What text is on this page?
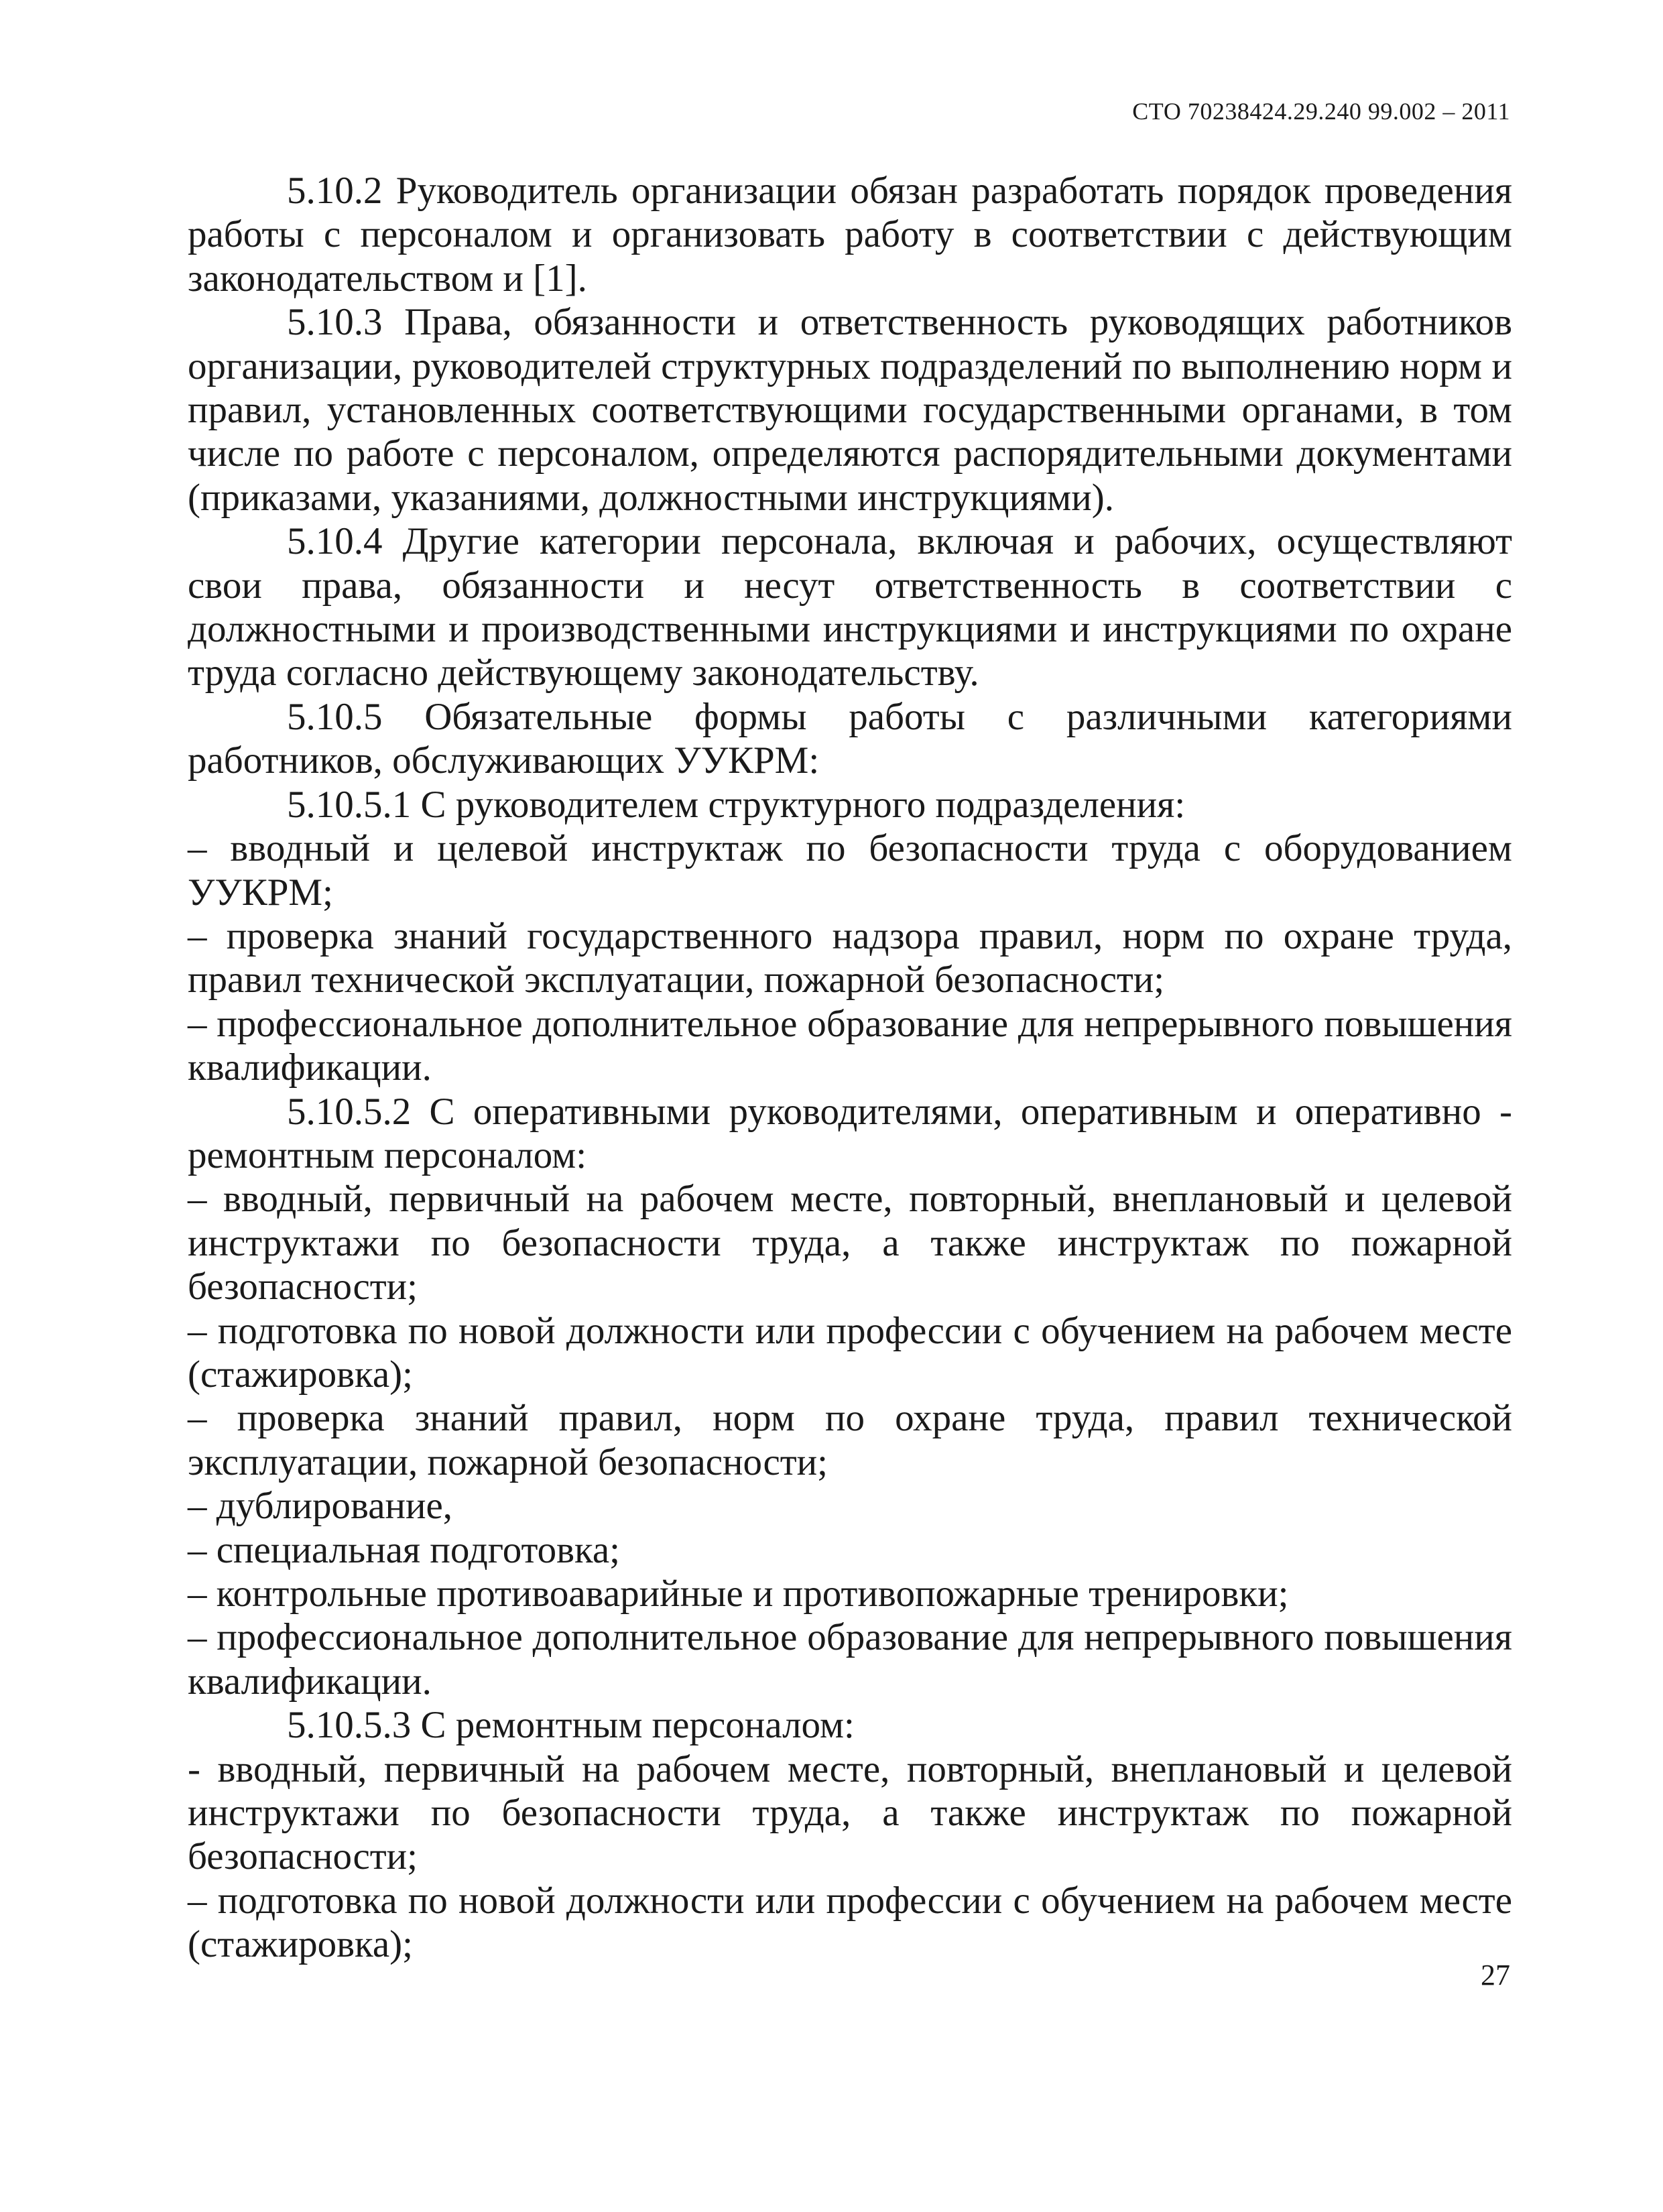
СТО 70238424.29.240 99.002 – 2011

5.10.2 Руководитель организации обязан разработать порядок проведения работы с персоналом и организовать работу в соответствии с действующим законодательством и [1].

5.10.3 Права, обязанности и ответственность руководящих работников организации, руководителей структурных подразделений по выполнению норм и правил, установленных соответствующими государственными органами, в том числе по работе с персоналом, определяются распорядительными документами (приказами, указаниями, должностными инструкциями).

5.10.4 Другие категории персонала, включая и рабочих, осуществляют свои права, обязанности и несут ответственность в соответствии с должностными и производственными инструкциями и инструкциями по охране труда согласно действующему законодательству.

5.10.5 Обязательные формы работы с различными категориями работников, обслуживающих УУКРМ:

5.10.5.1 С руководителем структурного подразделения:

– вводный и целевой инструктаж по безопасности труда с оборудованием УУКРМ;

– проверка знаний государственного надзора правил, норм по охране труда, правил технической эксплуатации, пожарной безопасности;

– профессиональное дополнительное образование для непрерывного повышения квалификации.

5.10.5.2 С оперативными руководителями, оперативным и оперативно - ремонтным персоналом:

– вводный, первичный на рабочем месте, повторный, внеплановый и целевой инструктажи по безопасности труда, а также инструктаж по пожарной безопасности;

– подготовка по новой должности или профессии с обучением на рабочем месте (стажировка);

– проверка знаний правил, норм по охране труда, правил технической эксплуатации, пожарной безопасности;

– дублирование,

– специальная подготовка;

– контрольные противоаварийные и противопожарные тренировки;

– профессиональное дополнительное образование для непрерывного повышения квалификации.

5.10.5.3 С ремонтным персоналом:

- вводный, первичный на рабочем месте, повторный, внеплановый и целевой инструктажи по безопасности труда, а также инструктаж по пожарной безопасности;

– подготовка по новой должности или профессии с обучением на рабочем месте (стажировка);

27
